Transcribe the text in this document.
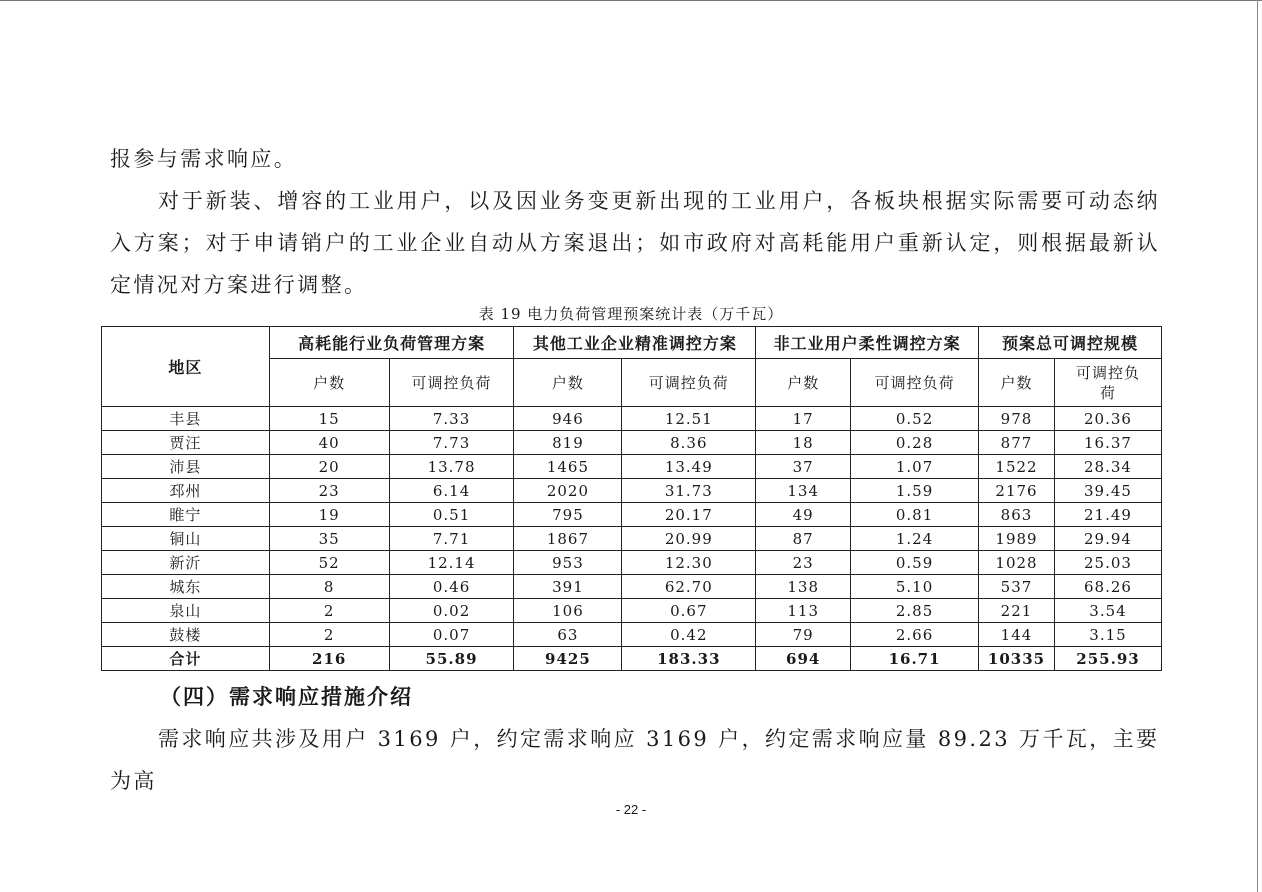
报参与需求响应。

对于新装、增容的工业用户，以及因业务变更新出现的工业用户，各板块根据实际需要可动态纳入方案；对于申请销户的工业企业自动从方案退出；如市政府对高耗能用户重新认定，则根据最新认定情况对方案进行调整。

表 19 电力负荷管理预案统计表（万千瓦）
地区	高耗能行业负荷管理方案		其他工业企业精准调控方案		非工业用户柔性调控方案		预案总可调控规模	
	户数	可调控负荷	户数	可调控负荷	户数	可调控负荷	户数	可调控负荷
丰县	15	7.33	946	12.51	17	0.52	978	20.36
贾汪	40	7.73	819	8.36	18	0.28	877	16.37
沛县	20	13.78	1465	13.49	37	1.07	1522	28.34
邳州	23	6.14	2020	31.73	134	1.59	2176	39.45
睢宁	19	0.51	795	20.17	49	0.81	863	21.49
铜山	35	7.71	1867	20.99	87	1.24	1989	29.94
新沂	52	12.14	953	12.30	23	0.59	1028	25.03
城东	8	0.46	391	62.70	138	5.10	537	68.26
泉山	2	0.02	106	0.67	113	2.85	221	3.54
鼓楼	2	0.07	63	0.42	79	2.66	144	3.15
合计	216	55.89	9425	183.33	694	16.71	10335	255.93
（四）需求响应措施介绍

需求响应共涉及用户 3169 户，约定需求响应 3169 户，约定需求响应量 89.23 万千瓦，主要为高

- 22 -
